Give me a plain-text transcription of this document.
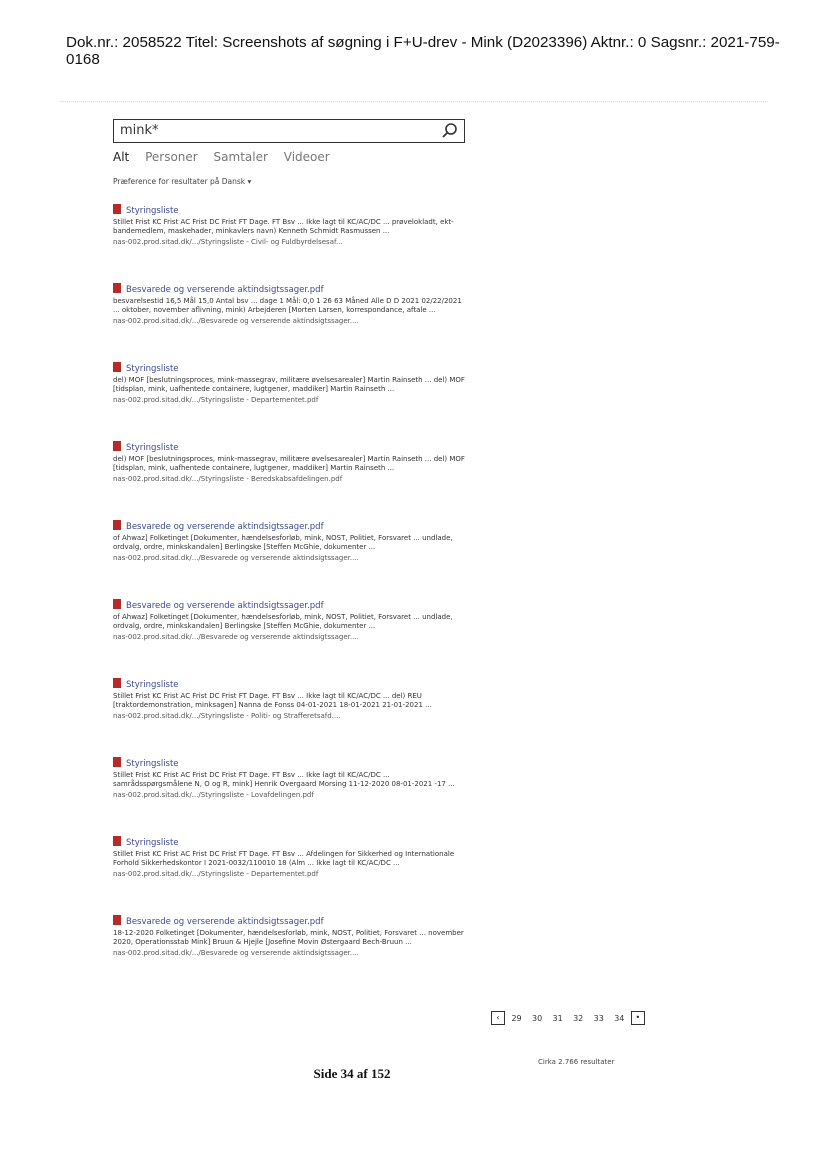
Dok.nr.: 2058522 Titel: Screenshots af søgning i F+U-drev - Mink (D2023396) Aktnr.: 0 Sagsnr.: 2021-759-0168
mink*
Alt Personer Samtaler Videoer
Præference for resultater på Dansk ▾
Styringsliste
Stillet Frist KC Frist AC Frist DC Frist FT Dage. FT Bsv ... Ikke lagt til KC/AC/DC ... prøvelokladt, ekt-bandemedlem, maskehader, minkavlers navn) Kenneth Schmidt Rasmussen ...
nas-002.prod.sitad.dk/.../Styringsliste - Civil- og Fuldbyrdelsesaf...
Besvarede og verserende aktindsigtssager.pdf
besvarelsestid 16,5 Mål 15,0 Antal bsv ... dage 1 Mål: 0,0 1 26 63 Måned Alle D D 2021 02/22/2021 ... oktober, november aflivning, mink) Arbejderen [Morten Larsen, korrespondance, aftale ...
nas-002.prod.sitad.dk/.../Besvarede og verserende aktindsigtssager....
Styringsliste
del) MOF [beslutningsproces, mink-massegrav, militære øvelsesarealer] Martin Rainseth ... del) MOF [tidsplan, mink, uafhentede containere, lugtgener, maddiker] Martin Rainseth ...
nas-002.prod.sitad.dk/.../Styringsliste - Departementet.pdf
Styringsliste
del) MOF [beslutningsproces, mink-massegrav, militære øvelsesarealer] Martin Rainseth ... del) MOF [tidsplan, mink, uafhentede containere, lugtgener, maddiker] Martin Rainseth ...
nas-002.prod.sitad.dk/.../Styringsliste - Beredskabsafdelingen.pdf
Besvarede og verserende aktindsigtssager.pdf
of Ahwaz] Folketinget [Dokumenter, hændelsesforløb, mink, NOST, Politiet, Forsvaret ... undlade, ordvalg, ordre, minkskandalen] Berlingske [Steffen McGhie, dokumenter ...
nas-002.prod.sitad.dk/.../Besvarede og verserende aktindsigtssager....
Besvarede og verserende aktindsigtssager.pdf
of Ahwaz] Folketinget [Dokumenter, hændelsesforløb, mink, NOST, Politiet, Forsvaret ... undlade, ordvalg, ordre, minkskandalen] Berlingske [Steffen McGhie, dokumenter ...
nas-002.prod.sitad.dk/.../Besvarede og verserende aktindsigtssager....
Styringsliste
Stillet Frist KC Frist AC Frist DC Frist FT Dage. FT Bsv ... Ikke lagt til KC/AC/DC ... del) REU [traktordemonstration, minksagen] Nanna de Fonss 04-01-2021 18-01-2021 21-01-2021 ...
nas-002.prod.sitad.dk/.../Styringsliste - Politi- og Strafferetsafd....
Styringsliste
Stillet Frist KC Frist AC Frist DC Frist FT Dage. FT Bsv ... Ikke lagt til KC/AC/DC ... samrådsspørgsmålene N, O og R, mink] Henrik Overgaard Morsing 11-12-2020 08-01-2021 -17 ...
nas-002.prod.sitad.dk/.../Styringsliste - Lovafdelingen.pdf
Styringsliste
Stillet Frist KC Frist AC Frist DC Frist FT Dage. FT Bsv ... Afdelingen for Sikkerhed og Internationale Forhold Sikkerhedskontor I 2021-0032/110010 18 (Alm ... Ikke lagt til KC/AC/DC ...
nas-002.prod.sitad.dk/.../Styringsliste - Departementet.pdf
Besvarede og verserende aktindsigtssager.pdf
18-12-2020 Folketinget [Dokumenter, hændelsesforløb, mink, NOST, Politiet, Forsvaret ... november 2020, Operationsstab Mink] Bruun & Hjejle [Josefine Movin Østergaard Bech-Bruun ...
nas-002.prod.sitad.dk/.../Besvarede og verserende aktindsigtssager....
‹ 29 30 31 32 33 34 •
Cirka 2.766 resultater
Side 34 af 152
